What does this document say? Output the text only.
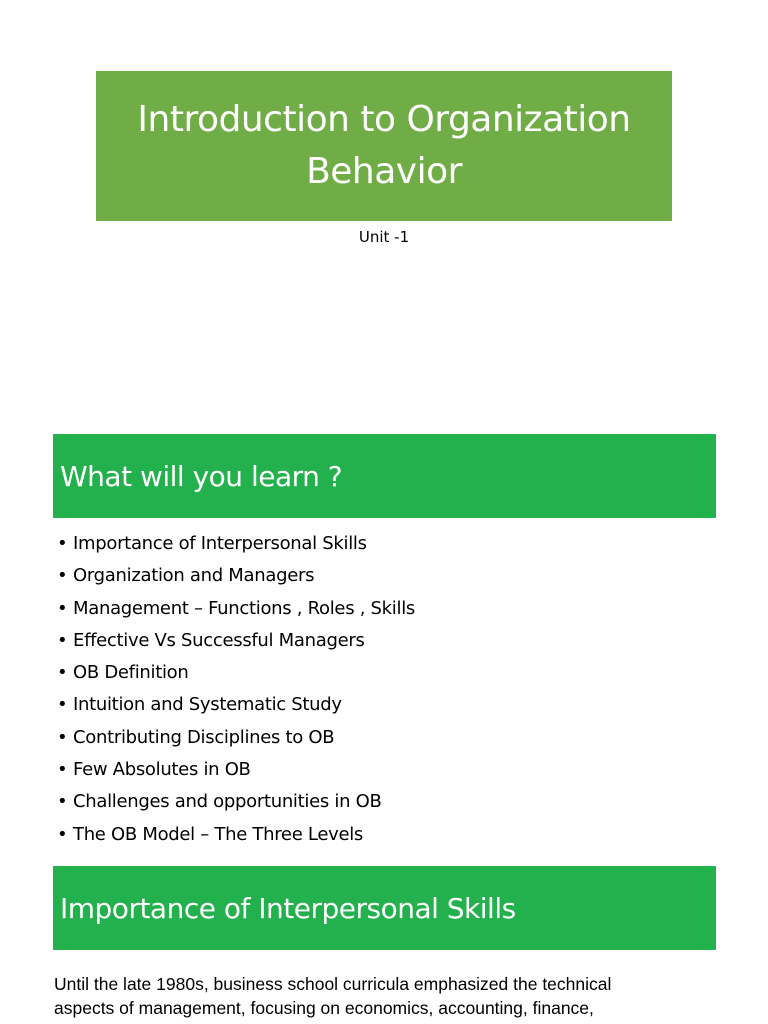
Introduction to Organization
Behavior
Unit -1
What will you learn ?
• Importance of Interpersonal Skills
• Organization and Managers
• Management – Functions , Roles , Skills
• Effective Vs Successful Managers
• OB Definition
• Intuition and Systematic Study
• Contributing Disciplines to OB
• Few Absolutes in OB
• Challenges and opportunities in OB
• The OB Model – The Three Levels
Importance of Interpersonal Skills
Until the late 1980s, business school curricula emphasized the technical
aspects of management, focusing on economics, accounting, finance,
